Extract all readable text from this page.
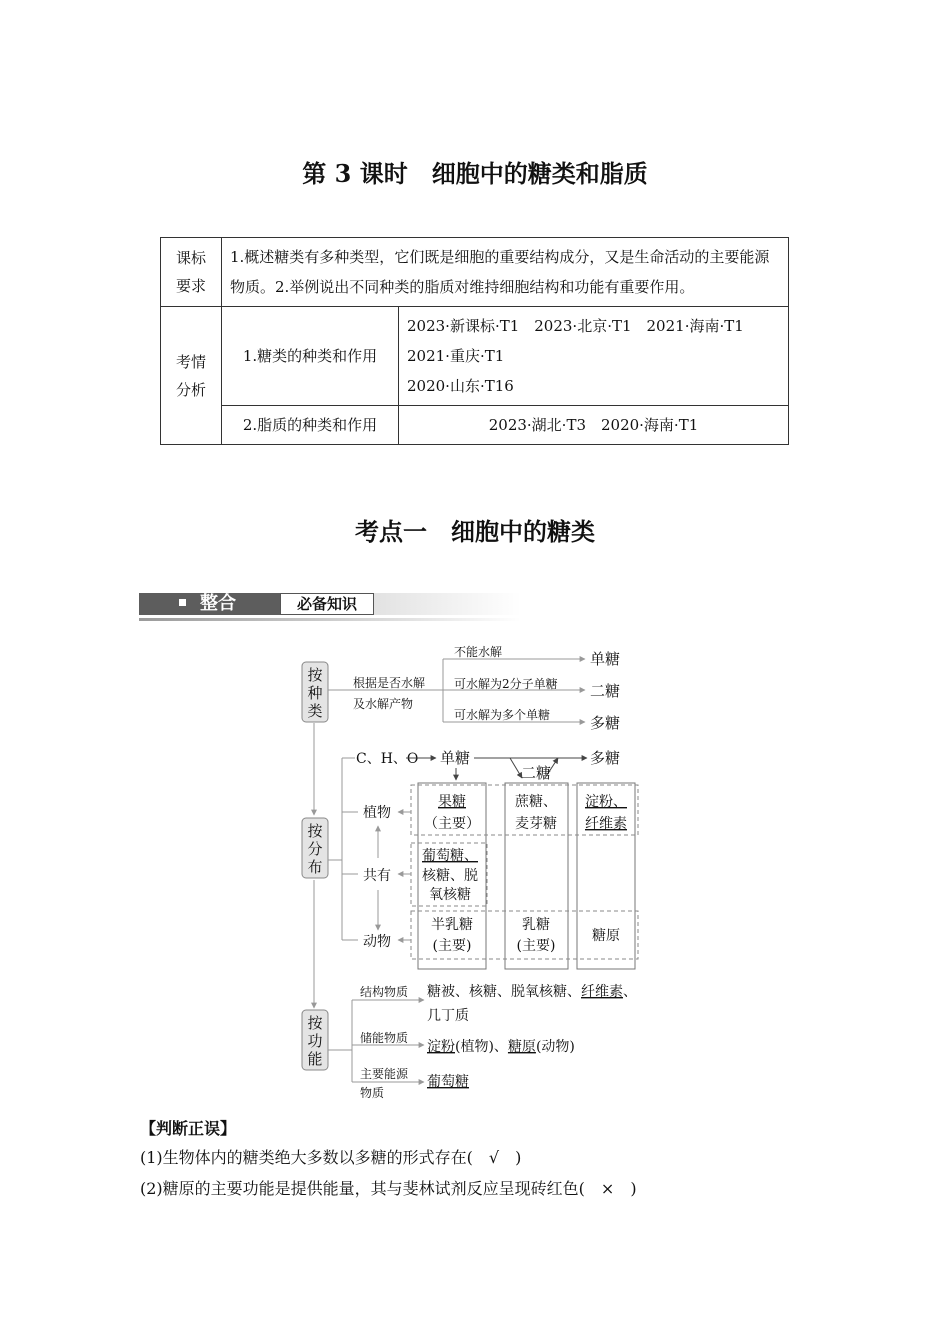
第 3 课时　细胞中的糖类和脂质
课标要求	1.概述糖类有多种类型，它们既是细胞的重要结构成分，又是生命活动的主要能源物质。2.举例说出不同种类的脂质对维持细胞结构和功能有重要作用。	
考情分析	1.糖类的种类和作用	2023·新课标·T1　2023·北京·T1　2021·海南·T1
2021·重庆·T1
2020·山东·T16

	2.脂质的种类和作用	2023·湖北·T3　2020·海南·T1
考点一　细胞中的糖类
整合	必备知识
按
种
类
根据是否水解
及水解产物
不能水解
可水解为2分子单糖
可水解为多个单糖
单糖
二糖
多糖
按
分
布
C、H、O 单糖	多糖
二糖
植物
共有
动物
果糖
（主要）
蔗糖、
麦芽糖
淀粉、
纤维素
葡萄糖、
核糖、脱
氧核糖
半乳糖
(主要)
乳糖
(主要)
糖原
按
功
能
结构物质
储能物质
主要能源
物质
糖被、核糖、脱氧核糖、纤维素、
几丁质
淀粉(植物)、糖原(动物)
葡萄糖
【判断正误】
(1)生物体内的糖类绝大多数以多糖的形式存在(　√　)
(2)糖原的主要功能是提供能量，其与斐林试剂反应呈现砖红色(　×　)
